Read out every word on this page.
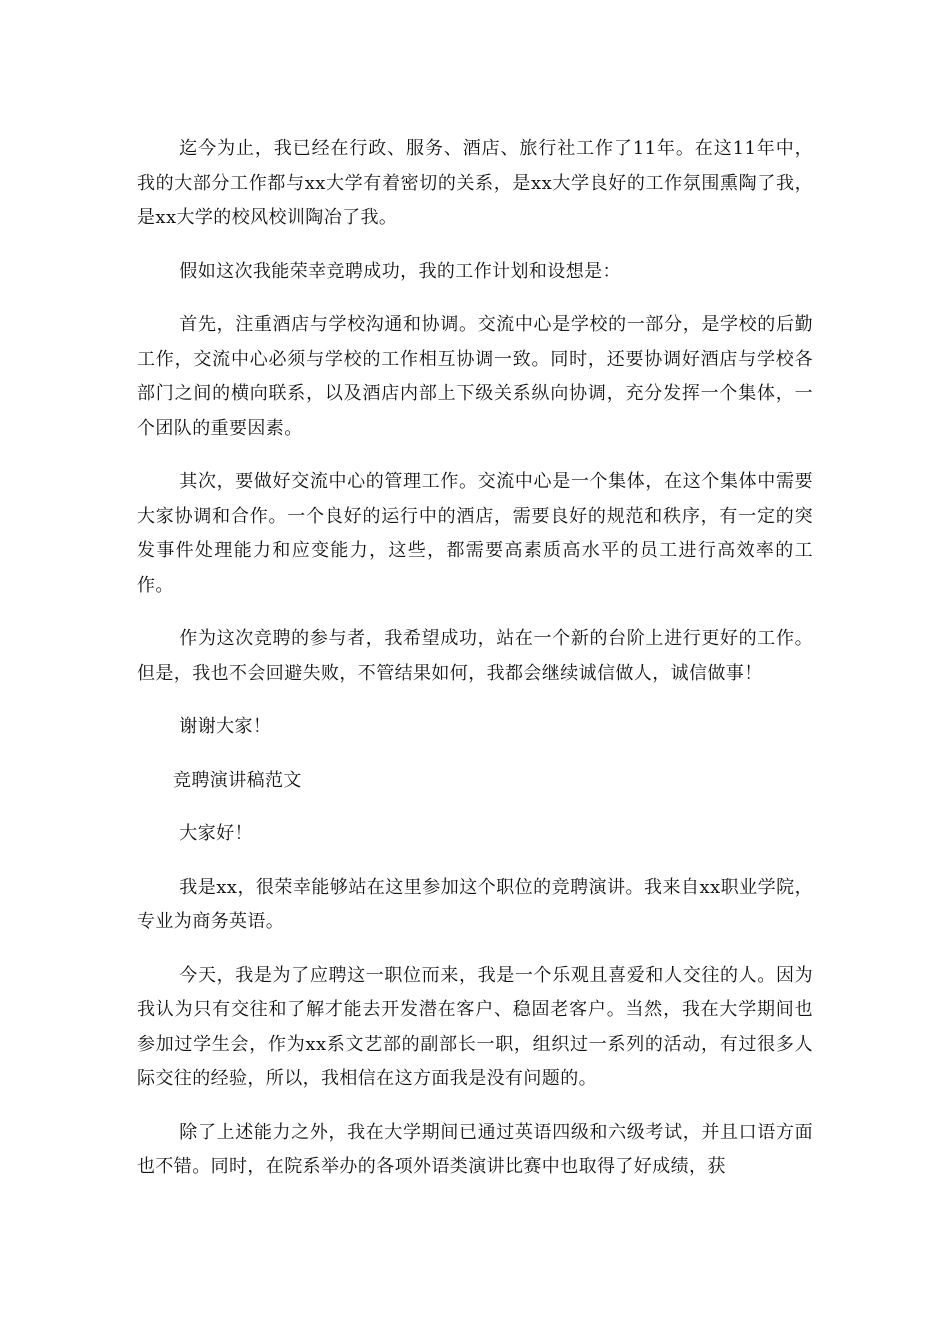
迄今为止，我已经在行政、服务、酒店、旅行社工作了11年。在这11年中，我的大部分工作都与xx大学有着密切的关系，是xx大学良好的工作氛围熏陶了我，是xx大学的校风校训陶冶了我。

假如这次我能荣幸竞聘成功，我的工作计划和设想是：

首先，注重酒店与学校沟通和协调。交流中心是学校的一部分，是学校的后勤工作，交流中心必须与学校的工作相互协调一致。同时，还要协调好酒店与学校各部门之间的横向联系，以及酒店内部上下级关系纵向协调，充分发挥一个集体，一个团队的重要因素。

其次，要做好交流中心的管理工作。交流中心是一个集体，在这个集体中需要大家协调和合作。一个良好的运行中的酒店，需要良好的规范和秩序，有一定的突发事件处理能力和应变能力，这些，都需要高素质高水平的员工进行高效率的工作。

作为这次竞聘的参与者，我希望成功，站在一个新的台阶上进行更好的工作。但是，我也不会回避失败，不管结果如何，我都会继续诚信做人，诚信做事！

谢谢大家！

竞聘演讲稿范文

大家好！

我是xx，很荣幸能够站在这里参加这个职位的竞聘演讲。我来自xx职业学院，专业为商务英语。

今天，我是为了应聘这一职位而来，我是一个乐观且喜爱和人交往的人。因为我认为只有交往和了解才能去开发潜在客户、稳固老客户。当然，我在大学期间也参加过学生会，作为xx系文艺部的副部长一职，组织过一系列的活动，有过很多人际交往的经验，所以，我相信在这方面我是没有问题的。

除了上述能力之外，我在大学期间已通过英语四级和六级考试，并且口语方面也不错。同时，在院系举办的各项外语类演讲比赛中也取得了好成绩，获
